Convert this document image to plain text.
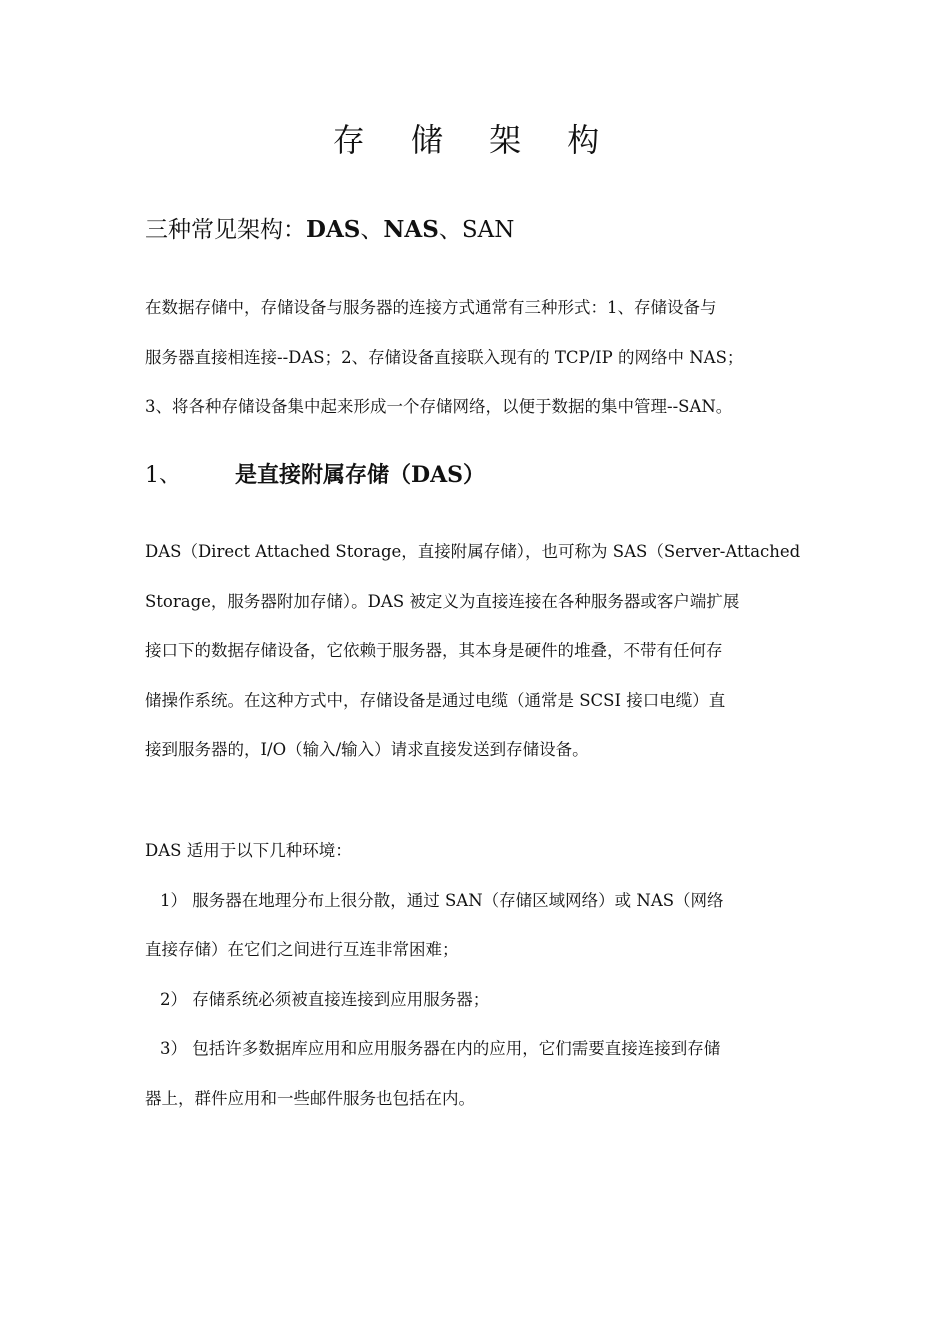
存 储 架 构
三种常见架构：DAS、NAS、SAN
在数据存储中，存储设备与服务器的连接方式通常有三种形式：1、存储设备与
服务器直接相连接--DAS；2、存储设备直接联入现有的 TCP/IP 的网络中 NAS；
3、将各种存储设备集中起来形成一个存储网络，以便于数据的集中管理--SAN。
1、 是直接附属存储（DAS）
DAS（Direct Attached Storage，直接附属存储），也可称为 SAS（Server-Attached
Storage，服务器附加存储）。DAS 被定义为直接连接在各种服务器或客户端扩展
接口下的数据存储设备，它依赖于服务器，其本身是硬件的堆叠，不带有任何存
储操作系统。在这种方式中，存储设备是通过电缆（通常是 SCSI 接口电缆）直
接到服务器的，I/O（输入/输入）请求直接发送到存储设备。
DAS 适用于以下几种环境：
1） 服务器在地理分布上很分散，通过 SAN（存储区域网络）或 NAS（网络
直接存储）在它们之间进行互连非常困难；
2） 存储系统必须被直接连接到应用服务器；
3） 包括许多数据库应用和应用服务器在内的应用，它们需要直接连接到存储
器上，群件应用和一些邮件服务也包括在内。
